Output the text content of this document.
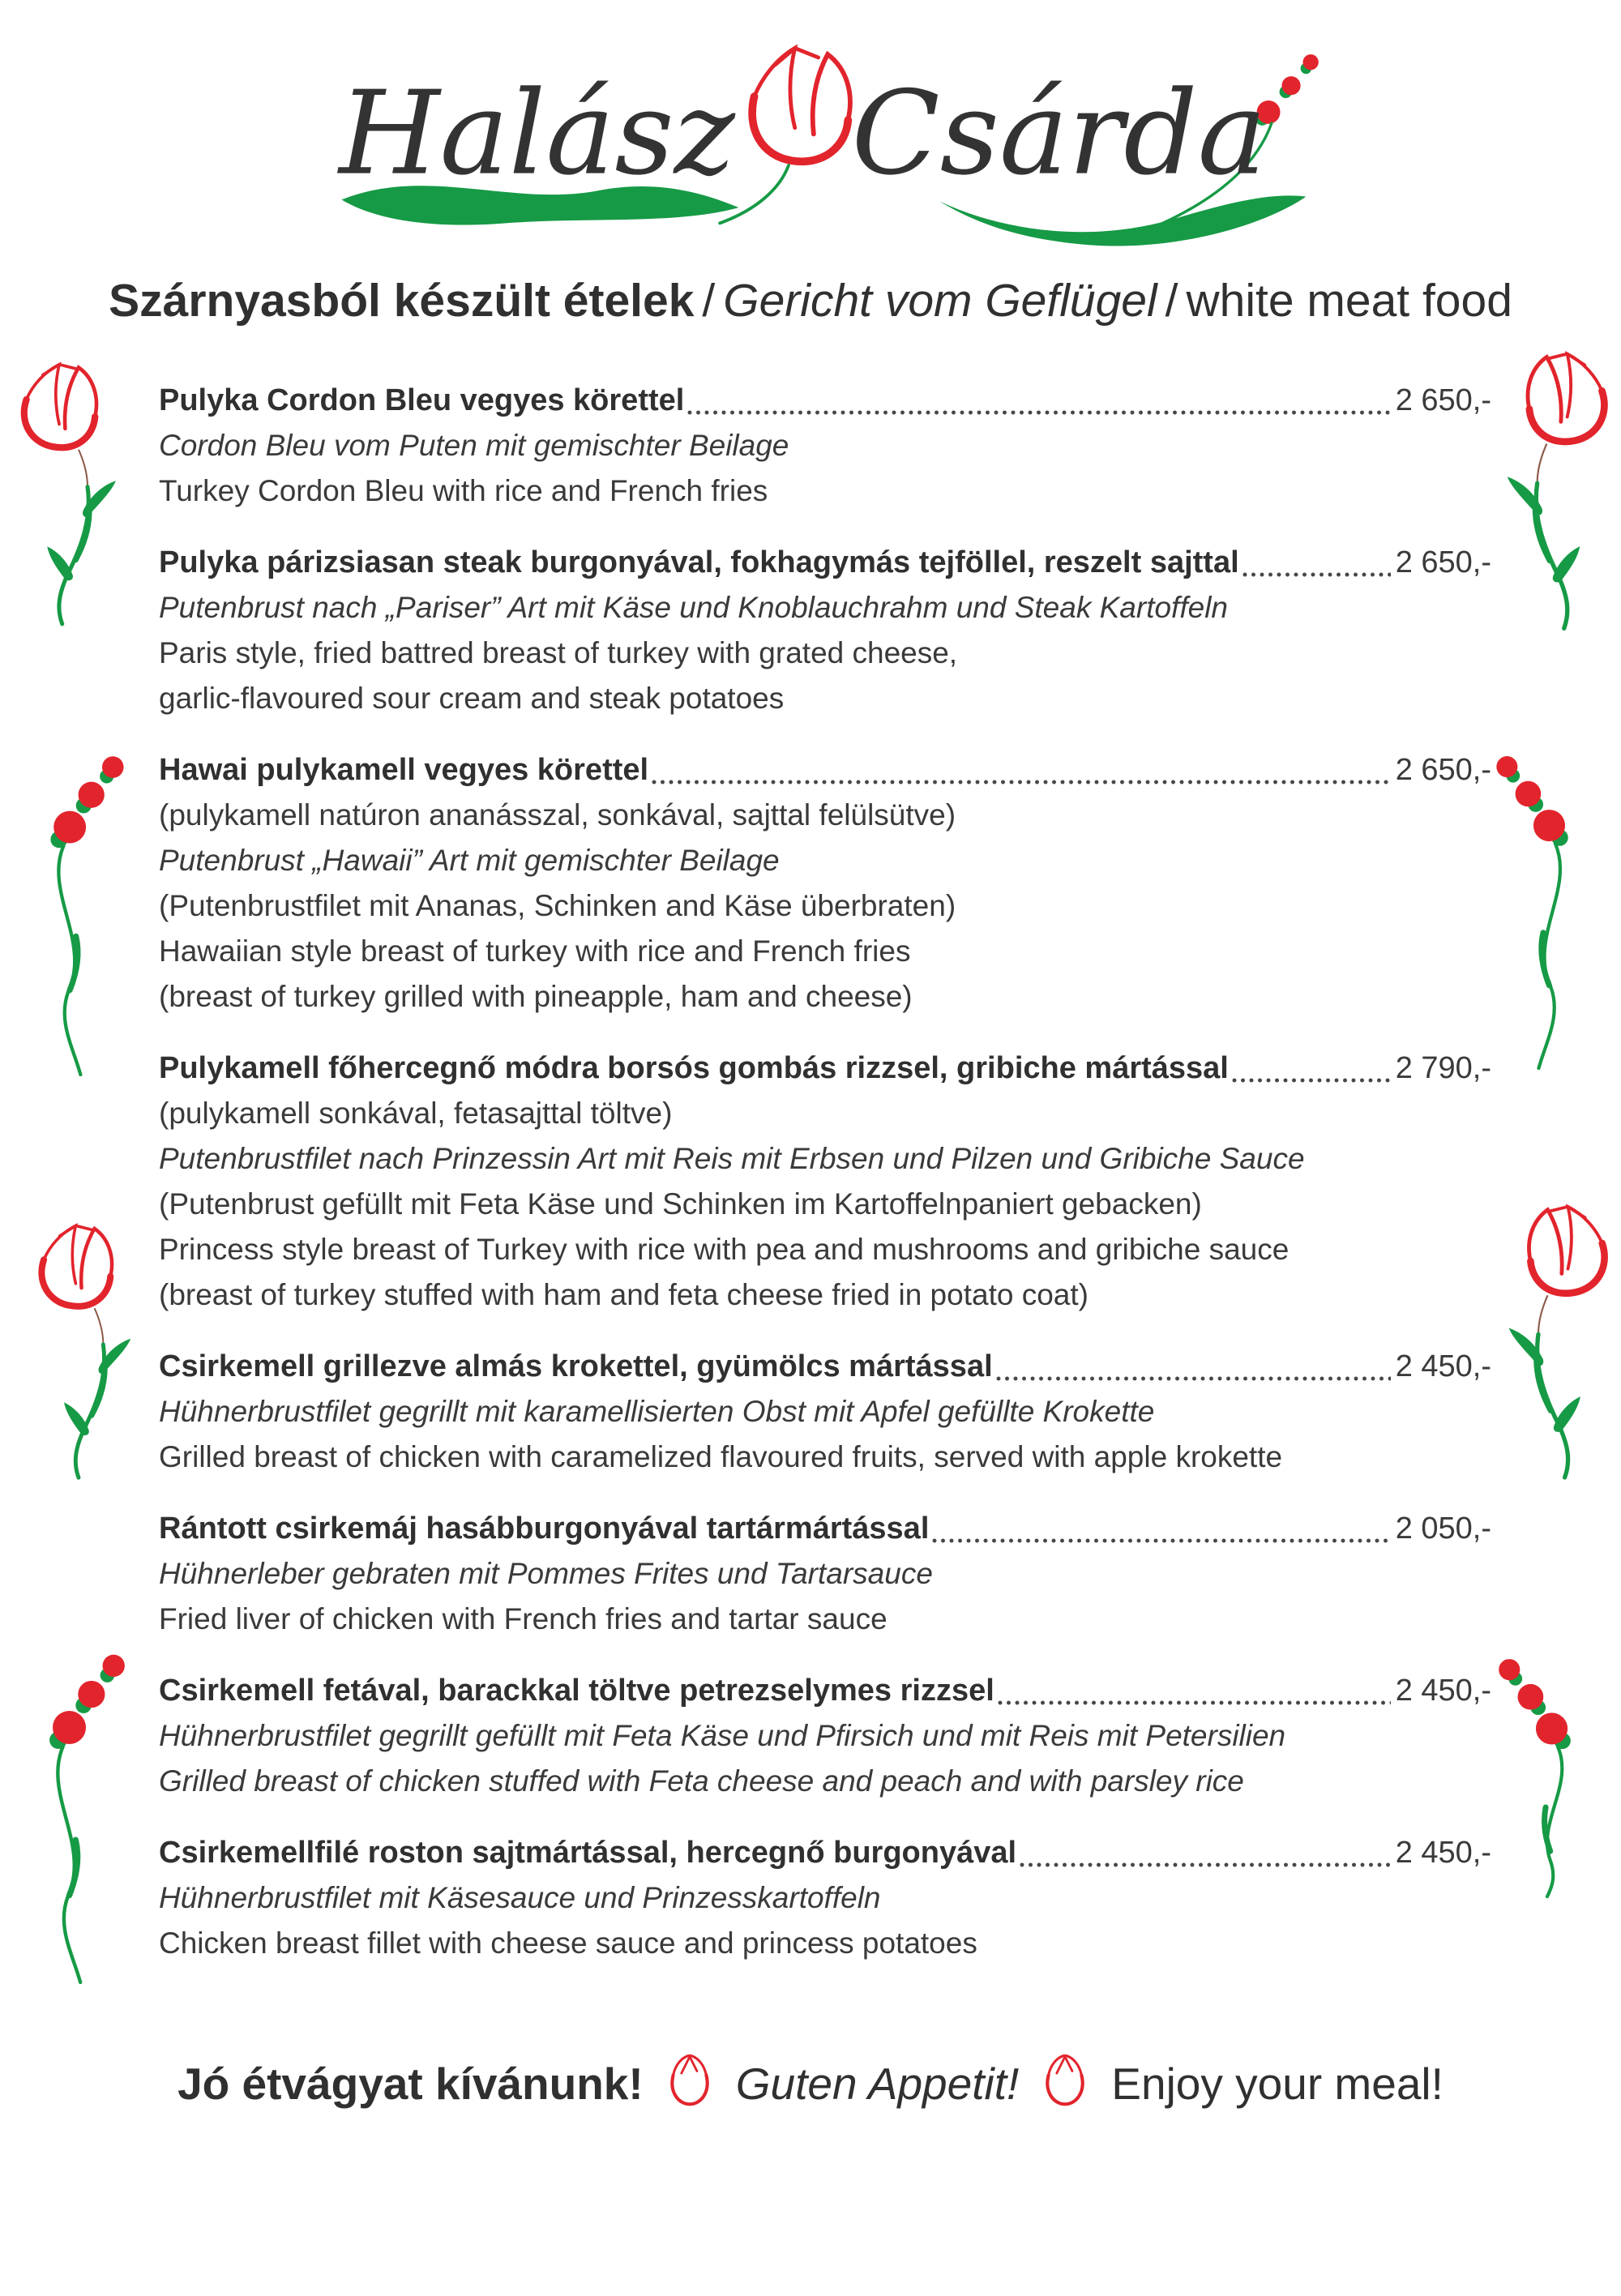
Halász Csárda
Szárnyasból készült ételek / Gericht vom Geflügel / white meat food
Pulyka Cordon Bleu vegyes körettel	2 650,-
Cordon Bleu vom Puten mit gemischter Beilage
Turkey Cordon Bleu with rice and French fries
Pulyka párizsiasan steak burgonyával, fokhagymás tejföllel, reszelt sajttal	2 650,-
Putenbrust nach „Pariser” Art mit Käse und Knoblauchrahm und Steak Kartoffeln
Paris style, fried battred breast of turkey with grated cheese,
garlic-flavoured sour cream and steak potatoes
Hawai pulykamell vegyes körettel	2 650,-
(pulykamell natúron ananásszal, sonkával, sajttal felülsütve)
Putenbrust „Hawaii” Art mit gemischter Beilage
(Putenbrustfilet mit Ananas, Schinken and Käse überbraten)
Hawaiian style breast of turkey with rice and French fries
(breast of turkey grilled with pineapple, ham and cheese)
Pulykamell főhercegnő módra borsós gombás rizzsel, gribiche mártással	2 790,-
(pulykamell sonkával, fetasajttal töltve)
Putenbrustfilet nach Prinzessin Art mit Reis mit Erbsen und Pilzen und Gribiche Sauce
(Putenbrust gefüllt mit Feta Käse und Schinken im Kartoffelnpaniert gebacken)
Princess style breast of Turkey with rice with pea and mushrooms and gribiche sauce
(breast of turkey stuffed with ham and feta cheese fried in potato coat)
Csirkemell grillezve almás krokettel, gyümölcs mártással	2 450,-
Hühnerbrustfilet gegrillt mit karamellisierten Obst mit Apfel gefüllte Krokette
Grilled breast of chicken with caramelized flavoured fruits, served with apple krokette
Rántott csirkemáj hasábburgonyával tartármártással	2 050,-
Hühnerleber gebraten mit Pommes Frites und Tartarsauce
Fried liver of chicken with French fries and tartar sauce
Csirkemell fetával, barackkal töltve petrezselymes rizzsel	2 450,-
Hühnerbrustfilet gegrillt gefüllt mit Feta Käse und Pfirsich und mit Reis mit Petersilien
Grilled breast of chicken stuffed with Feta cheese and peach and with parsley rice
Csirkemellfilé roston sajtmártással, hercegnő burgonyával	2 450,-
Hühnerbrustfilet mit Käsesauce und Prinzesskartoffeln
Chicken breast fillet with cheese sauce and princess potatoes
Jó étvágyat kívánunk! Guten Appetit! Enjoy your meal!
